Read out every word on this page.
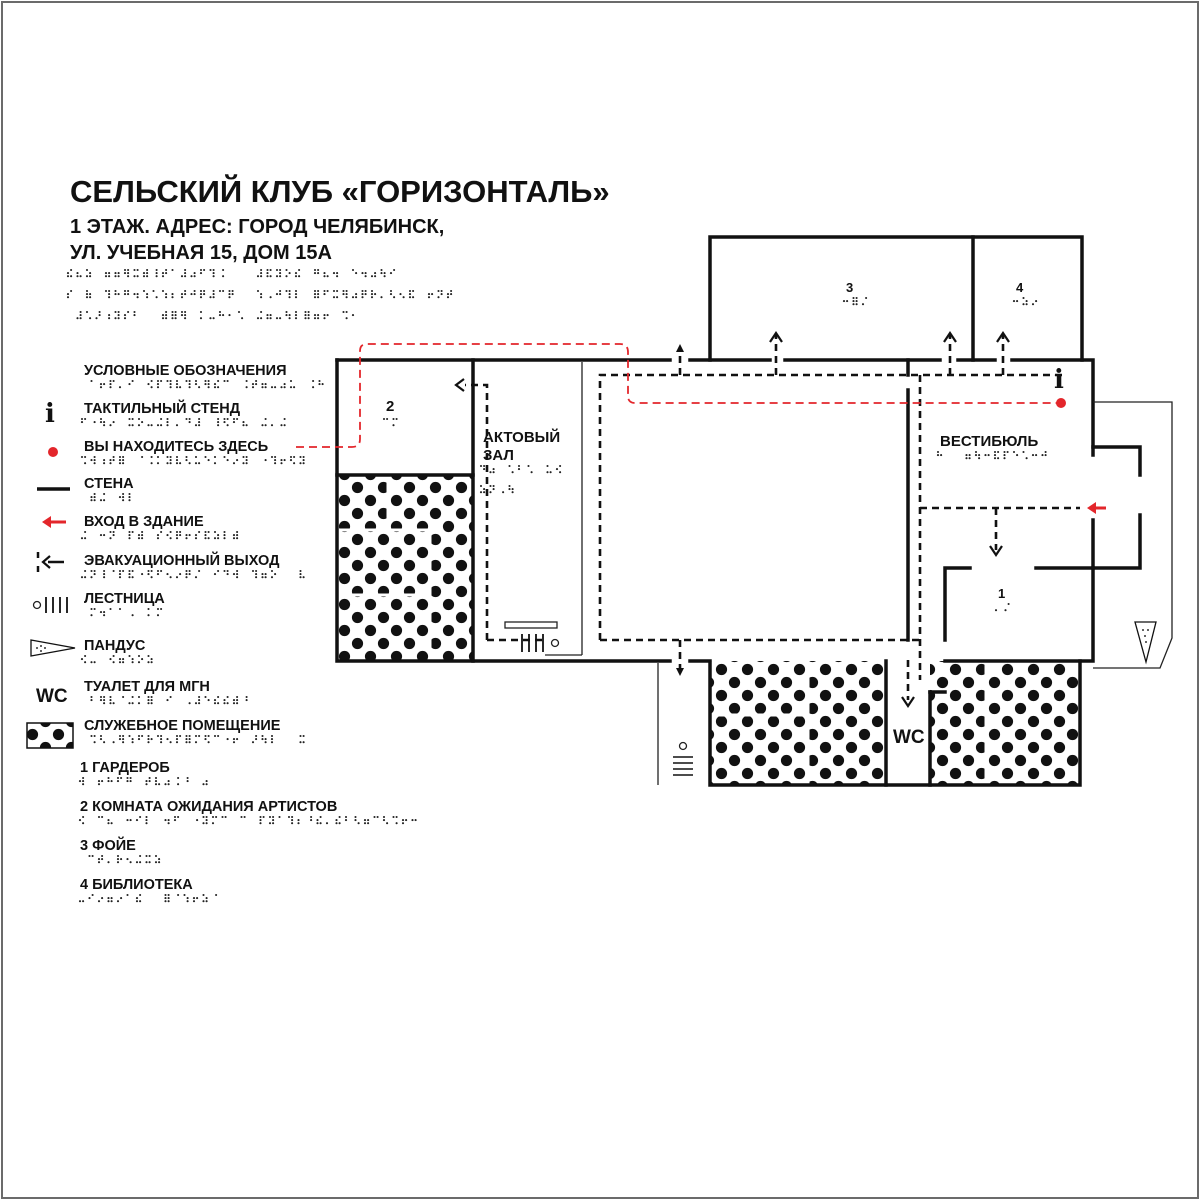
СЕЛЬСКИЙ КЛУБ «ГОРИЗОНТАЛЬ»
1 ЭТАЖ. АДРЕС: ГОРОД ЧЕЛЯБИНСК,
УЛ. УЧЕБНАЯ 15, ДОМ 15А
УСЛОВНЫЕ ОБОЗНАЧЕНИЯ
i ТАКТИЛЬНЫЙ СТЕНД
ВЫ НАХОДИТЕСЬ ЗДЕСЬ
СТЕНА
ВХОД В ЗДАНИЕ
ЭВАКУАЦИОННЫЙ ВЫХОД
ЛЕСТНИЦА
ПАНДУС
WC ТУАЛЕТ ДЛЯ МГН
СЛУЖЕБНОЕ ПОМЕЩЕНИЕ
1 ГАРДЕРОБ
2 КОМНАТА ОЖИДАНИЯ АРТИСТОВ
3 ФОЙЕ
4 БИБЛИОТЕКА
i
2
3	4
1
АКТОВЫЙ
ЗАЛ
ВЕСТИБЮЛЬ
WC
